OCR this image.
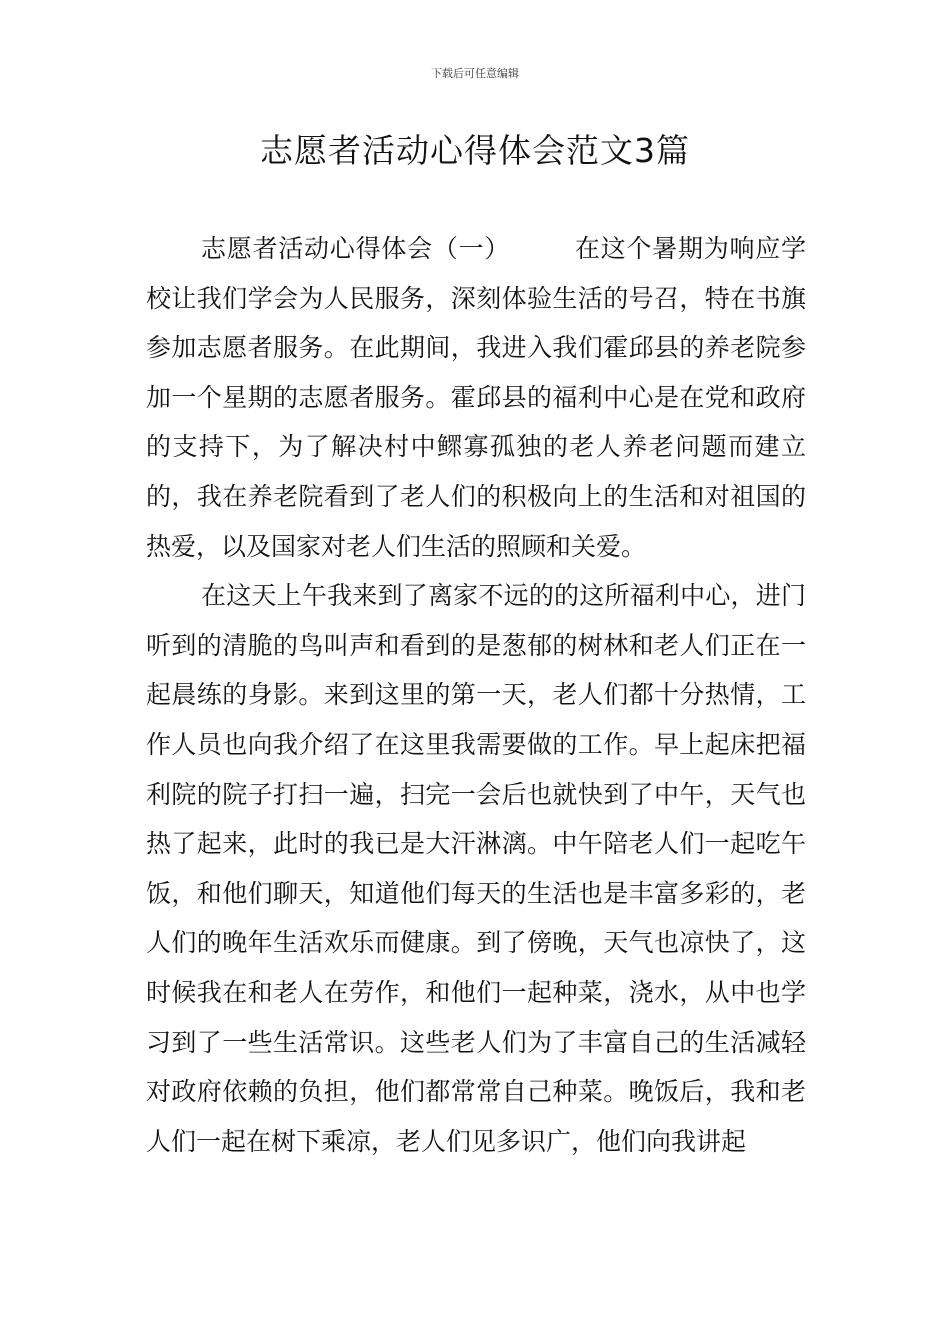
下载后可任意编辑
志愿者活动心得体会范文3篇

志愿者活动心得体会（一）	在这个暑期为响应学校让我们学会为人民服务，深刻体验生活的号召，特在书旗参加志愿者服务。在此期间，我进入我们霍邱县的养老院参加一个星期的志愿者服务。霍邱县的福利中心是在党和政府的支持下，为了解决村中鳏寡孤独的老人养老问题而建立的，我在养老院看到了老人们的积极向上的生活和对祖国的热爱，以及国家对老人们生活的照顾和关爱。

在这天上午我来到了离家不远的的这所福利中心，进门听到的清脆的鸟叫声和看到的是葱郁的树林和老人们正在一起晨练的身影。来到这里的第一天，老人们都十分热情，工作人员也向我介绍了在这里我需要做的工作。早上起床把福利院的院子打扫一遍，扫完一会后也就快到了中午，天气也热了起来，此时的我已是大汗淋漓。中午陪老人们一起吃午饭，和他们聊天，知道他们每天的生活也是丰富多彩的，老人们的晚年生活欢乐而健康。到了傍晚，天气也凉快了，这时候我在和老人在劳作，和他们一起种菜，浇水，从中也学习到了一些生活常识。这些老人们为了丰富自己的生活减轻对政府依赖的负担，他们都常常自己种菜。晚饭后，我和老人们一起在树下乘凉，老人们见多识广，他们向我讲起
